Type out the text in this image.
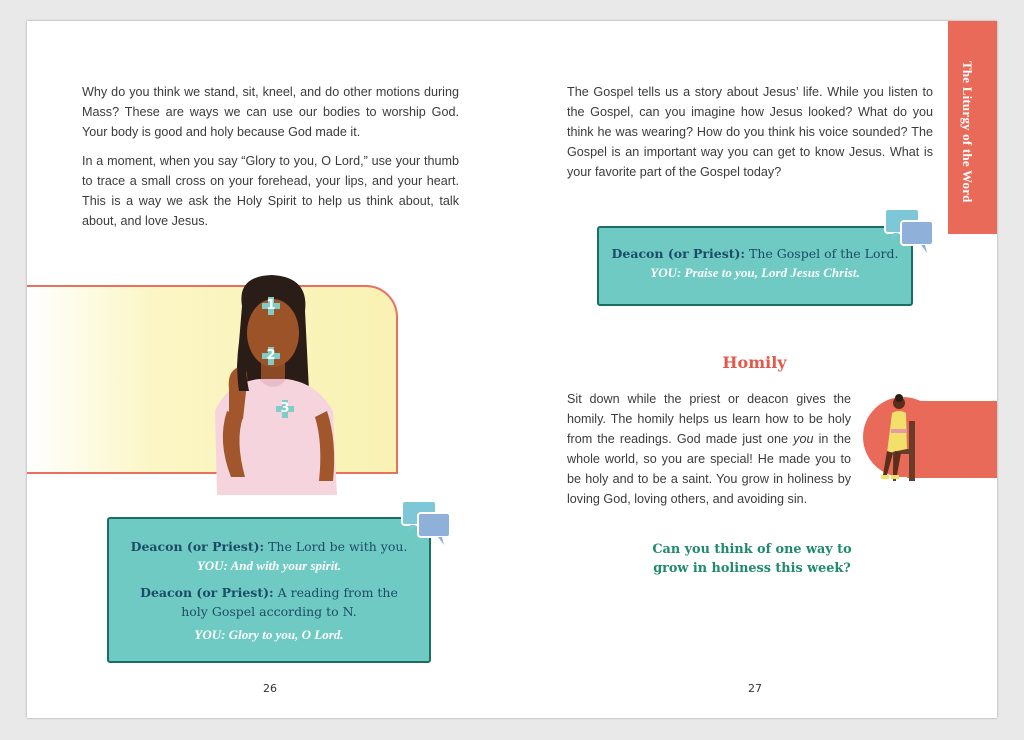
Why do you think we stand, sit, kneel, and do other motions during Mass? These are ways we can use our bodies to worship God. Your body is good and holy because God made it.

In a moment, when you say “Glory to you, O Lord,” use your thumb to trace a small cross on your forehead, your lips, and your heart. This is a way we ask the Holy Spirit to help us think about, talk about, and love Jesus.

1
2
3
Deacon (or Priest): The Lord be with you.
YOU: And with your spirit.
Deacon (or Priest): A reading from the
holy Gospel according to N.
YOU: Glory to you, O Lord.
26

The Gospel tells us a story about Jesus’ life. While you listen to the Gospel, can you imagine how Jesus looked? What do you think he was wearing? How do you think his voice sounded? The Gospel is an important way you can get to know Jesus. What is your favorite part of the Gospel today?

Deacon (or Priest): The Gospel of the Lord.
YOU: Praise to you, Lord Jesus Christ.
The Liturgy of the Word
Homily

Sit down while the priest or deacon gives the homily. The homily helps us learn how to be holy from the readings. God made just one you in the whole world, so you are special! He made you to be holy and to be a saint. You grow in holiness by loving God, loving others, and avoiding sin.

Can you think of one way to
grow in holiness this week?
27
